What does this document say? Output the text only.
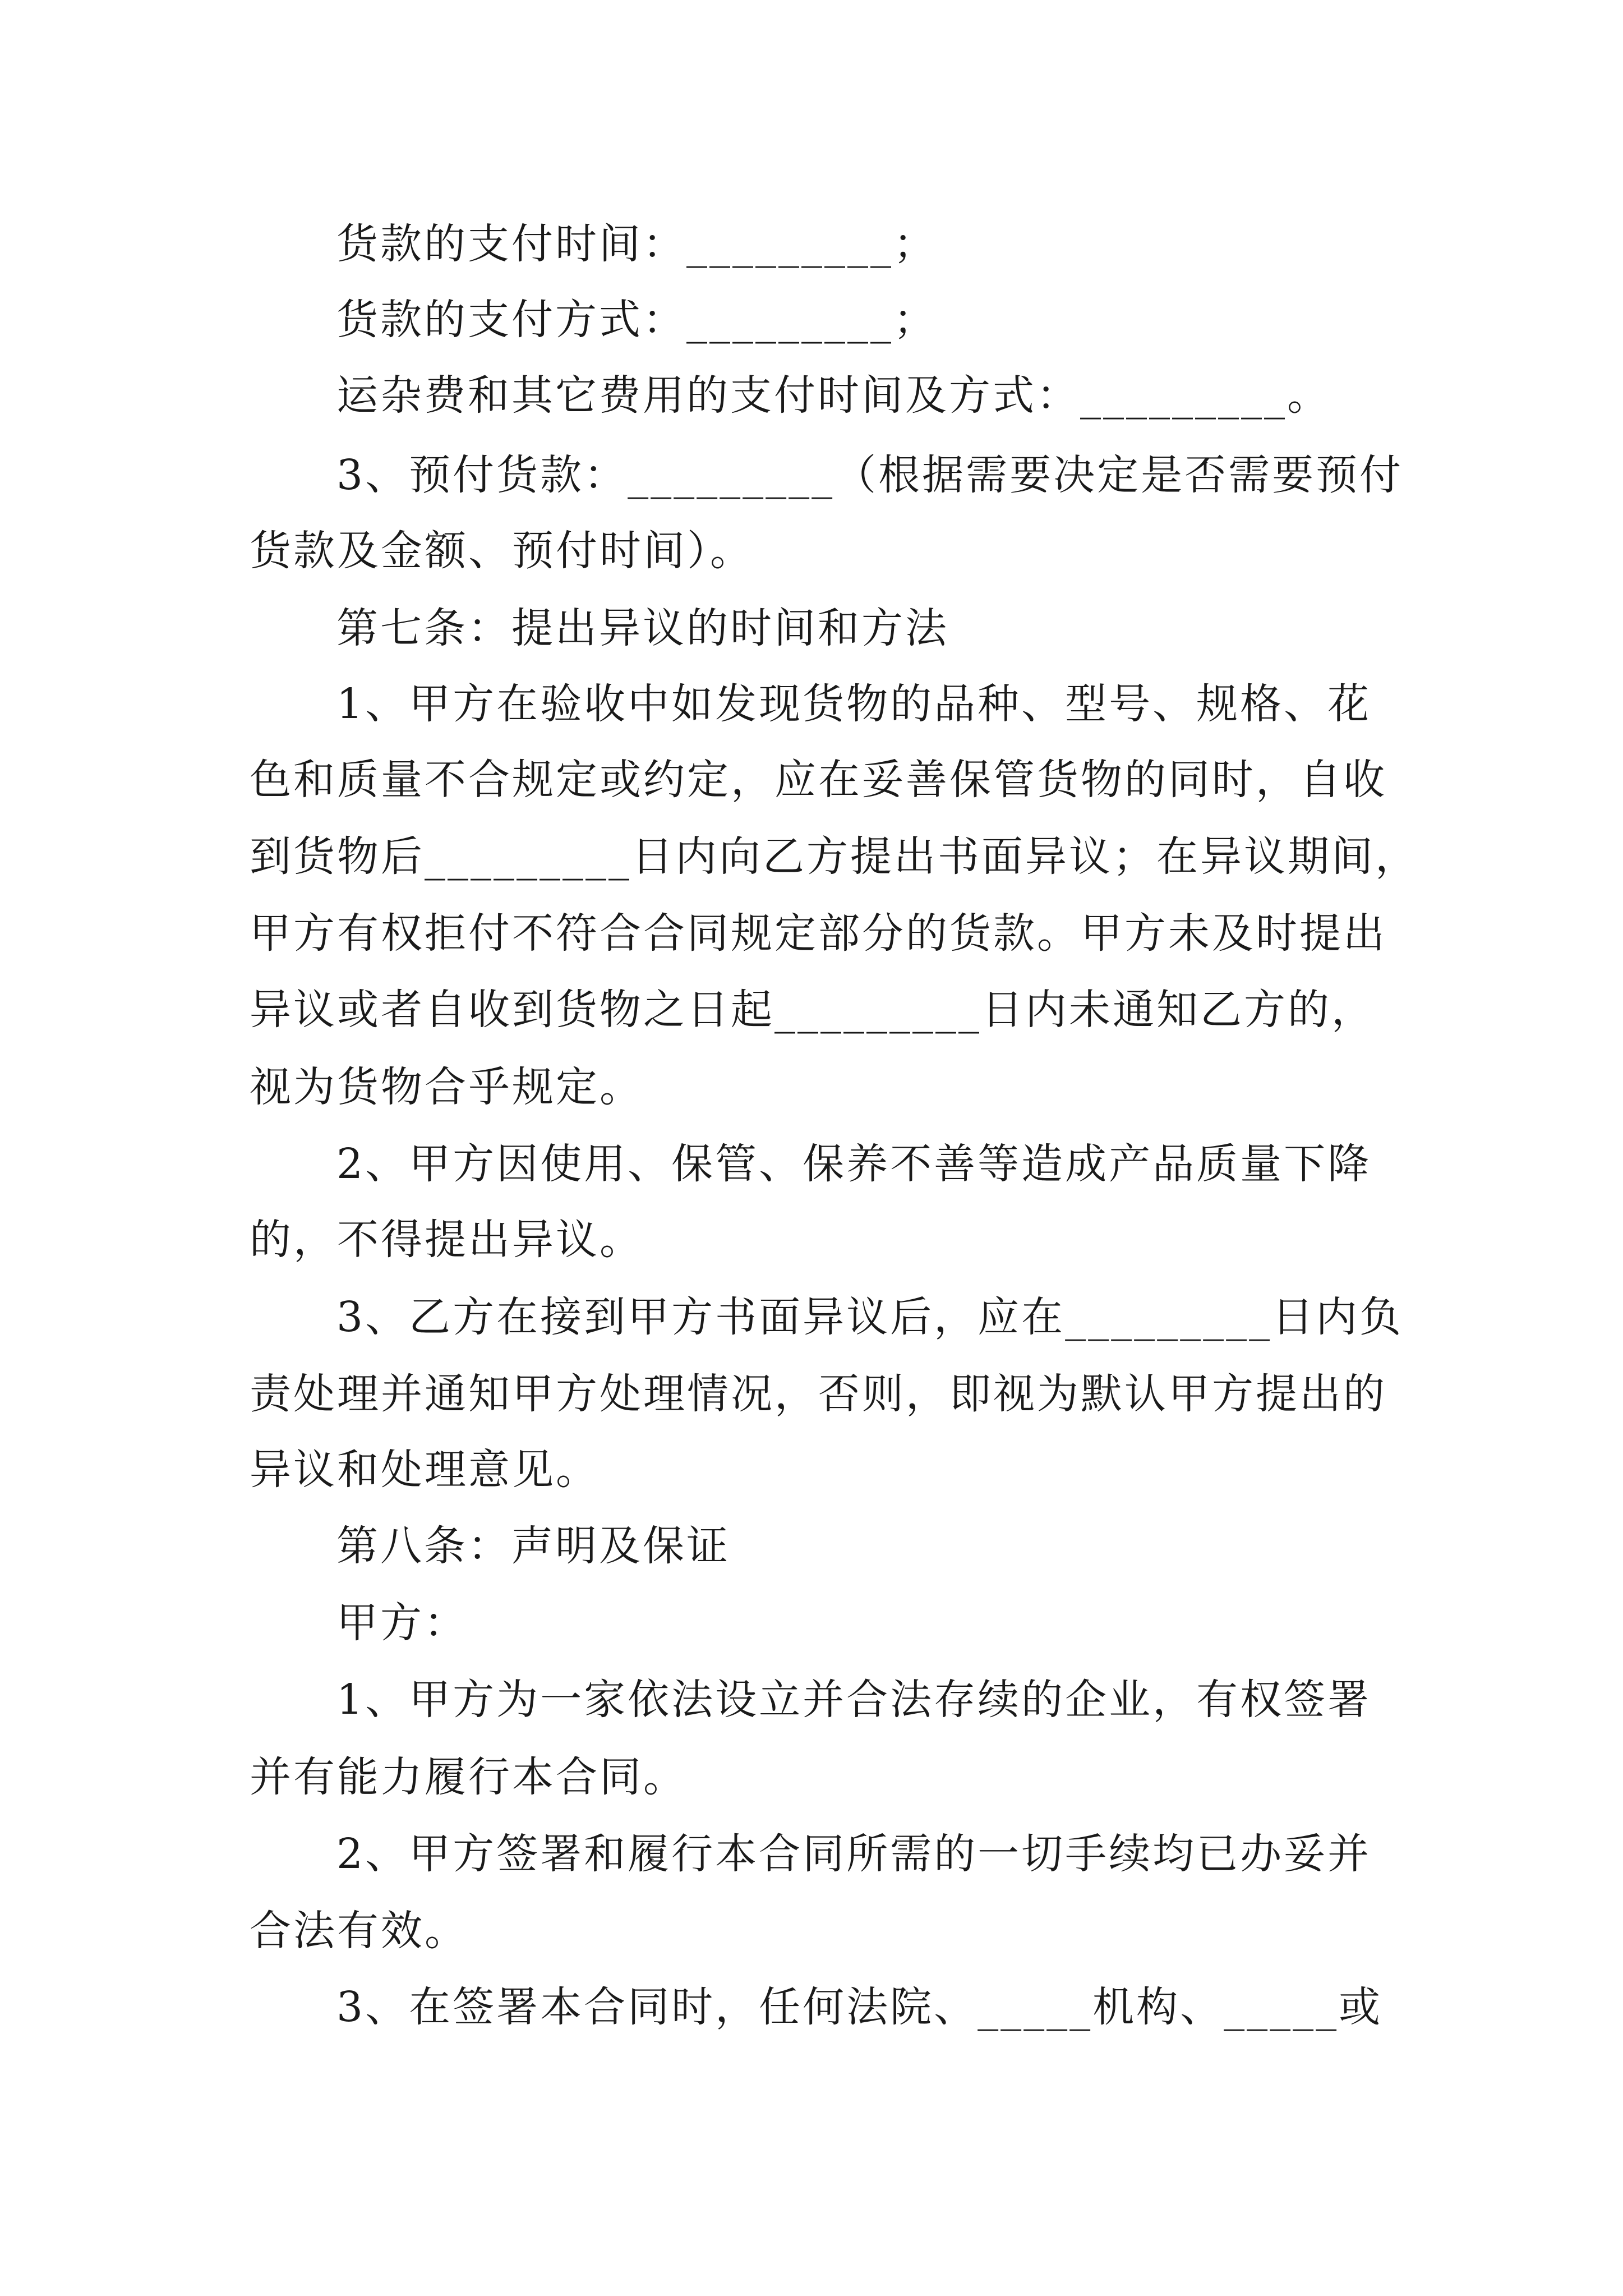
货款的支付时间：_________；
货款的支付方式：_________；
运杂费和其它费用的支付时间及方式：_________。
3、预付货款：_________（根据需要决定是否需要预付
货款及金额、预付时间）。
第七条：提出异议的时间和方法
1、甲方在验收中如发现货物的品种、型号、规格、花
色和质量不合规定或约定，应在妥善保管货物的同时，自收
到货物后_________日内向乙方提出书面异议；在异议期间，
甲方有权拒付不符合合同规定部分的货款。甲方未及时提出
异议或者自收到货物之日起_________日内未通知乙方的，
视为货物合乎规定。
2、甲方因使用、保管、保养不善等造成产品质量下降
的，不得提出异议。
3、乙方在接到甲方书面异议后，应在_________日内负
责处理并通知甲方处理情况，否则，即视为默认甲方提出的
异议和处理意见。
第八条：声明及保证
甲方：
1、甲方为一家依法设立并合法存续的企业，有权签署
并有能力履行本合同。
2、甲方签署和履行本合同所需的一切手续均已办妥并
合法有效。
3、在签署本合同时，任何法院、_____机构、_____或
